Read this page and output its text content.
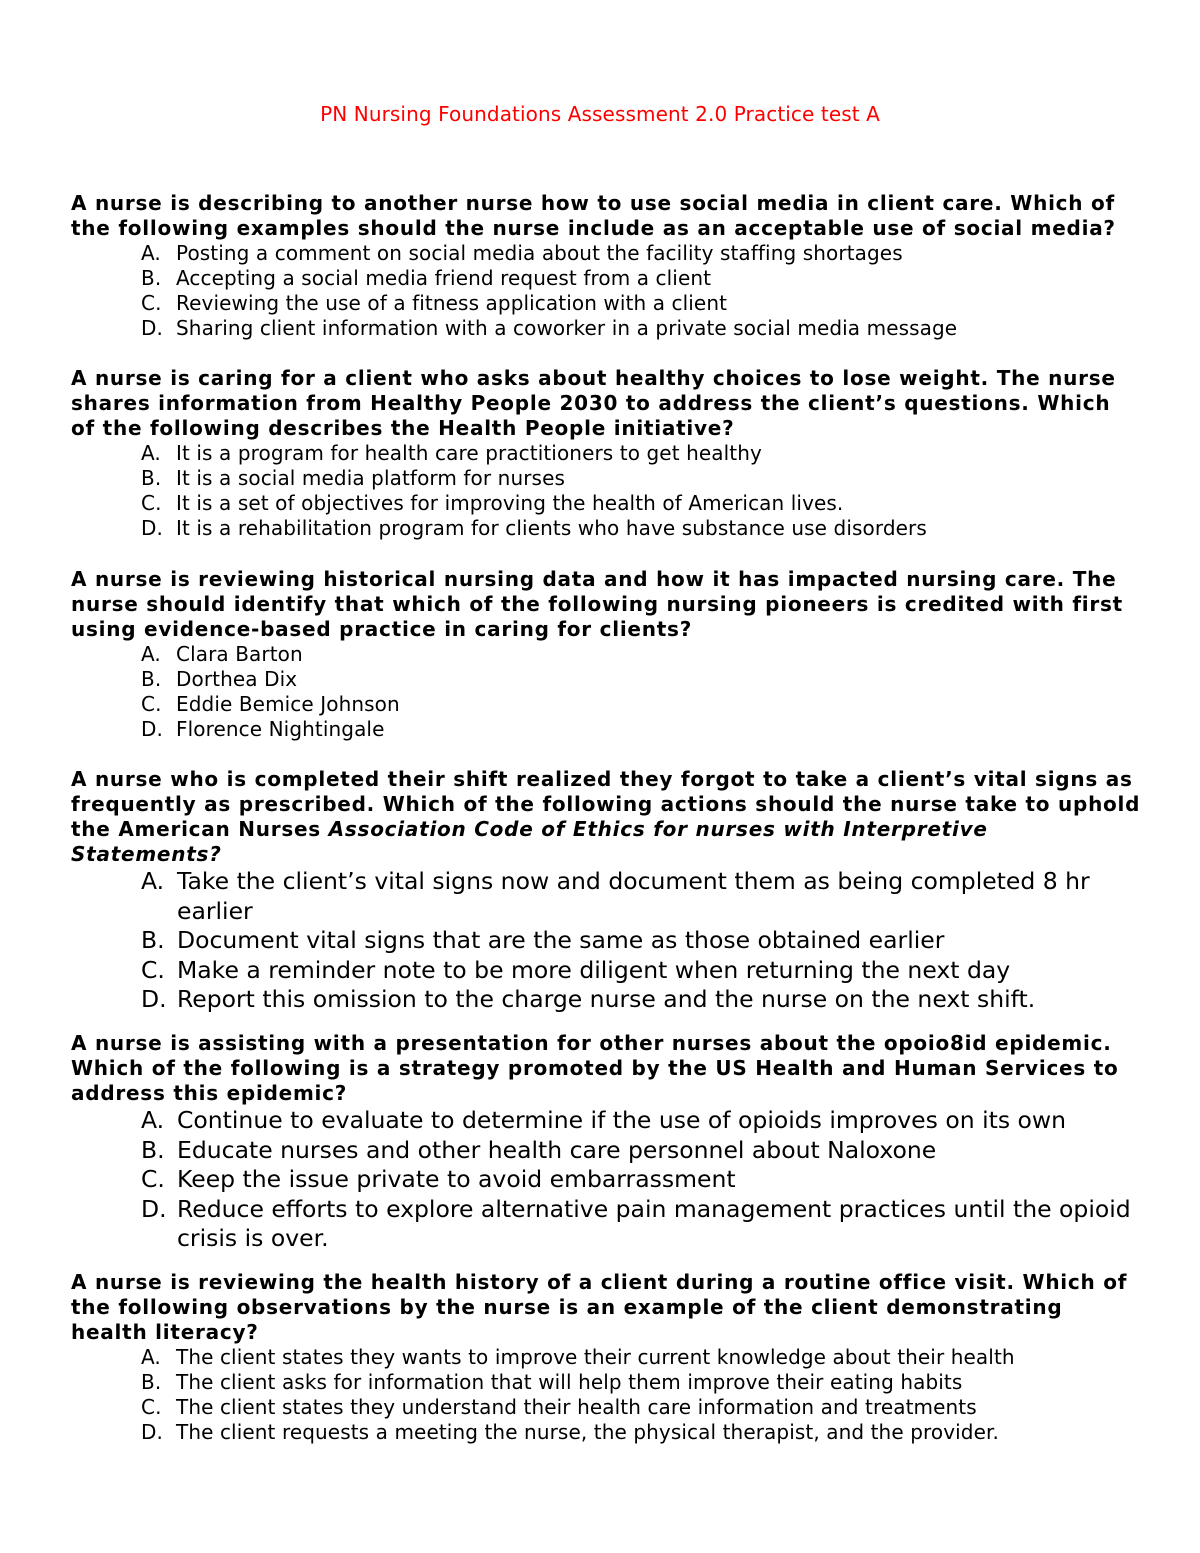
PN Nursing Foundations Assessment 2.0 Practice test A

A nurse is describing to another nurse how to use social media in client care. Which of the following examples should the nurse include as an acceptable use of social media?

A. Posting a comment on social media about the facility staffing shortages
B. Accepting a social media friend request from a client
C. Reviewing the use of a fitness application with a client
D. Sharing client information with a coworker in a private social media message

A nurse is caring for a client who asks about healthy choices to lose weight. The nurse shares information from Healthy People 2030 to address the client’s questions. Which of the following describes the Health People initiative?

A. It is a program for health care practitioners to get healthy
B. It is a social media platform for nurses
C. It is a set of objectives for improving the health of American lives.
D. It is a rehabilitation program for clients who have substance use disorders

A nurse is reviewing historical nursing data and how it has impacted nursing care. The nurse should identify that which of the following nursing pioneers is credited with first using evidence-based practice in caring for clients?

A. Clara Barton
B. Dorthea Dix
C. Eddie Bemice Johnson
D. Florence Nightingale

A nurse who is completed their shift realized they forgot to take a client’s vital signs as frequently as prescribed. Which of the following actions should the nurse take to uphold the American Nurses Association Code of Ethics for nurses with Interpretive Statements?

A. Take the client’s vital signs now and document them as being completed 8 hr earlier
B. Document vital signs that are the same as those obtained earlier
C. Make a reminder note to be more diligent when returning the next day
D. Report this omission to the charge nurse and the nurse on the next shift.

A nurse is assisting with a presentation for other nurses about the opoio8id epidemic. Which of the following is a strategy promoted by the US Health and Human Services to address this epidemic?

A. Continue to evaluate to determine if the use of opioids improves on its own
B. Educate nurses and other health care personnel about Naloxone
C. Keep the issue private to avoid embarrassment
D. Reduce efforts to explore alternative pain management practices until the opioid crisis is over.

A nurse is reviewing the health history of a client during a routine office visit. Which of the following observations by the nurse is an example of the client demonstrating health literacy?

A. The client states they wants to improve their current knowledge about their health
B. The client asks for information that will help them improve their eating habits
C. The client states they understand their health care information and treatments
D. The client requests a meeting the nurse, the physical therapist, and the provider.
